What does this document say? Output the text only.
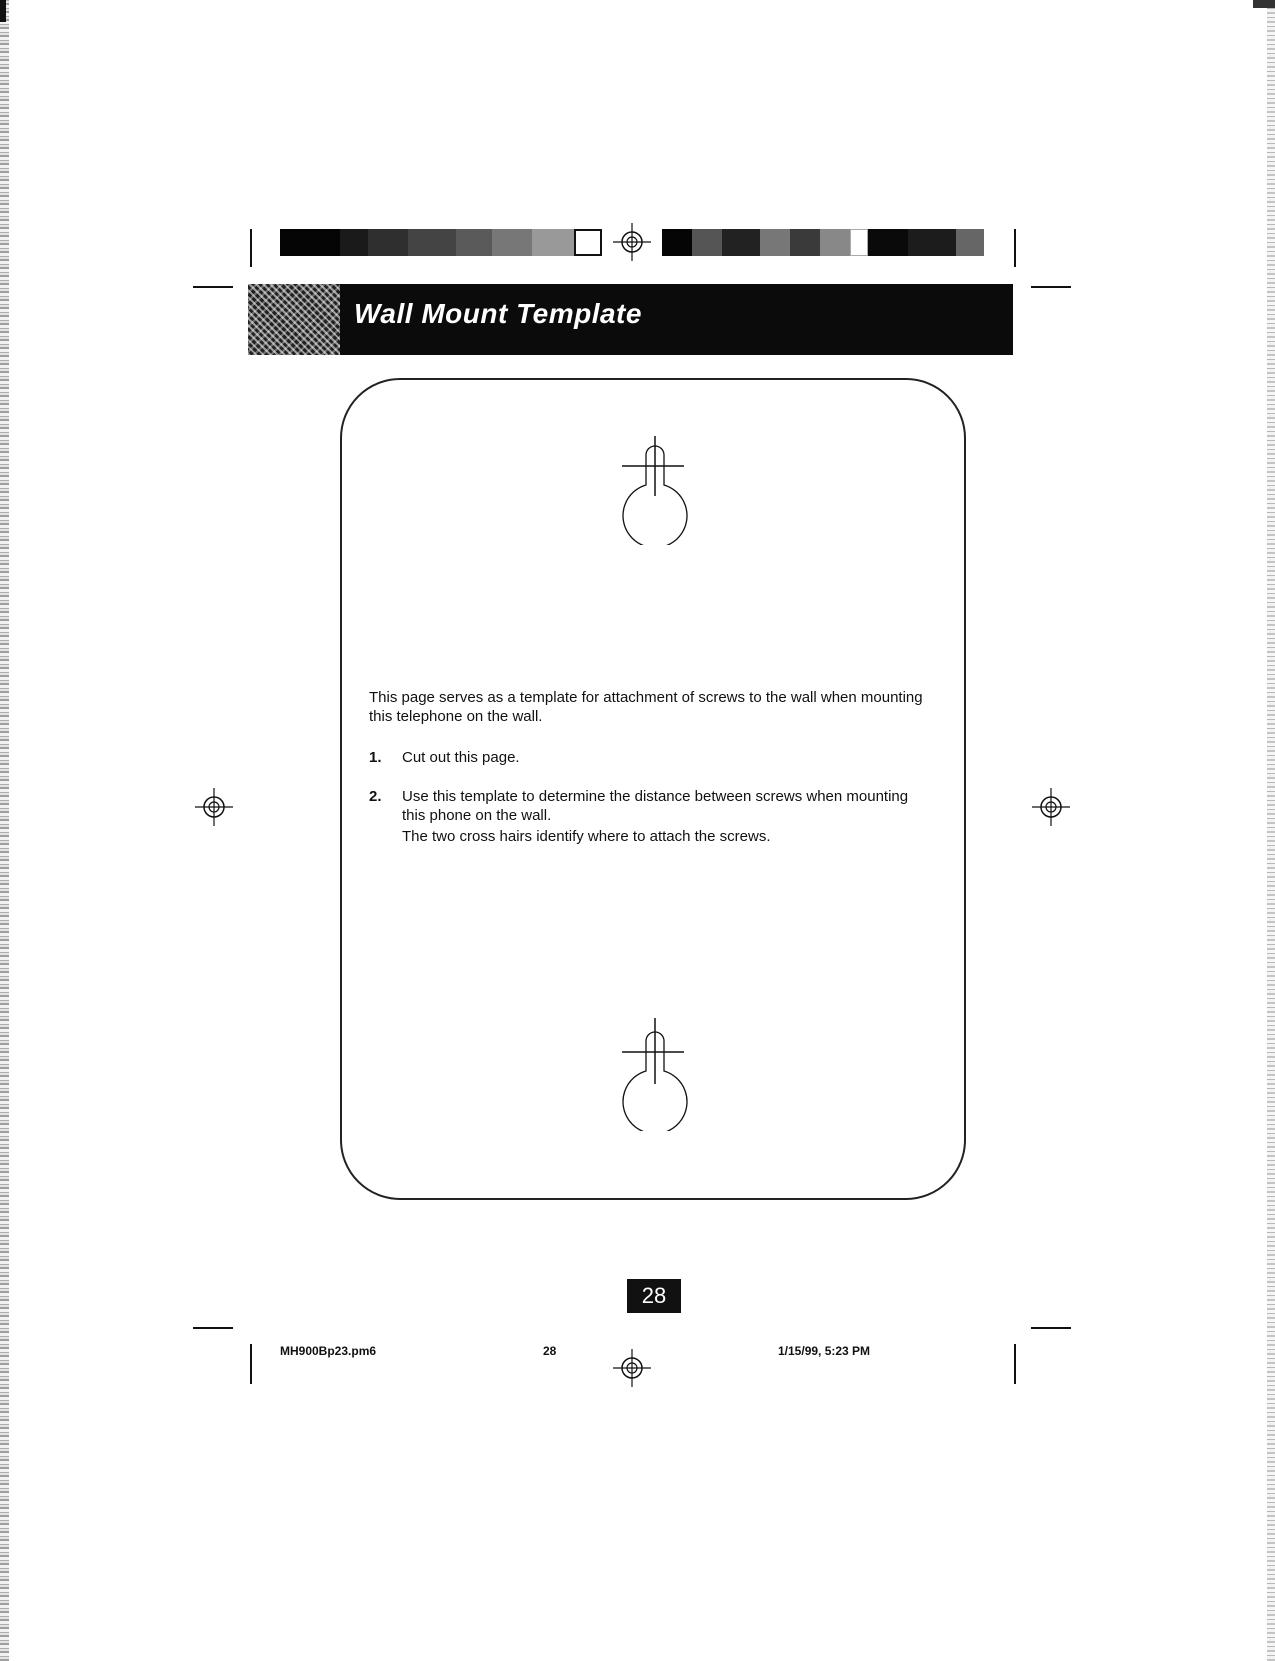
Wall Mount Template
This page serves as a template for attachment of screws to the wall when mounting this telephone on the wall.
1.	Cut out this page.
2.	Use this template to determine the distance between screws when mounting this phone on the wall.
The two cross hairs identify where to attach the screws.
28
MH900Bp23.pm6	28	1/15/99, 5:23 PM
